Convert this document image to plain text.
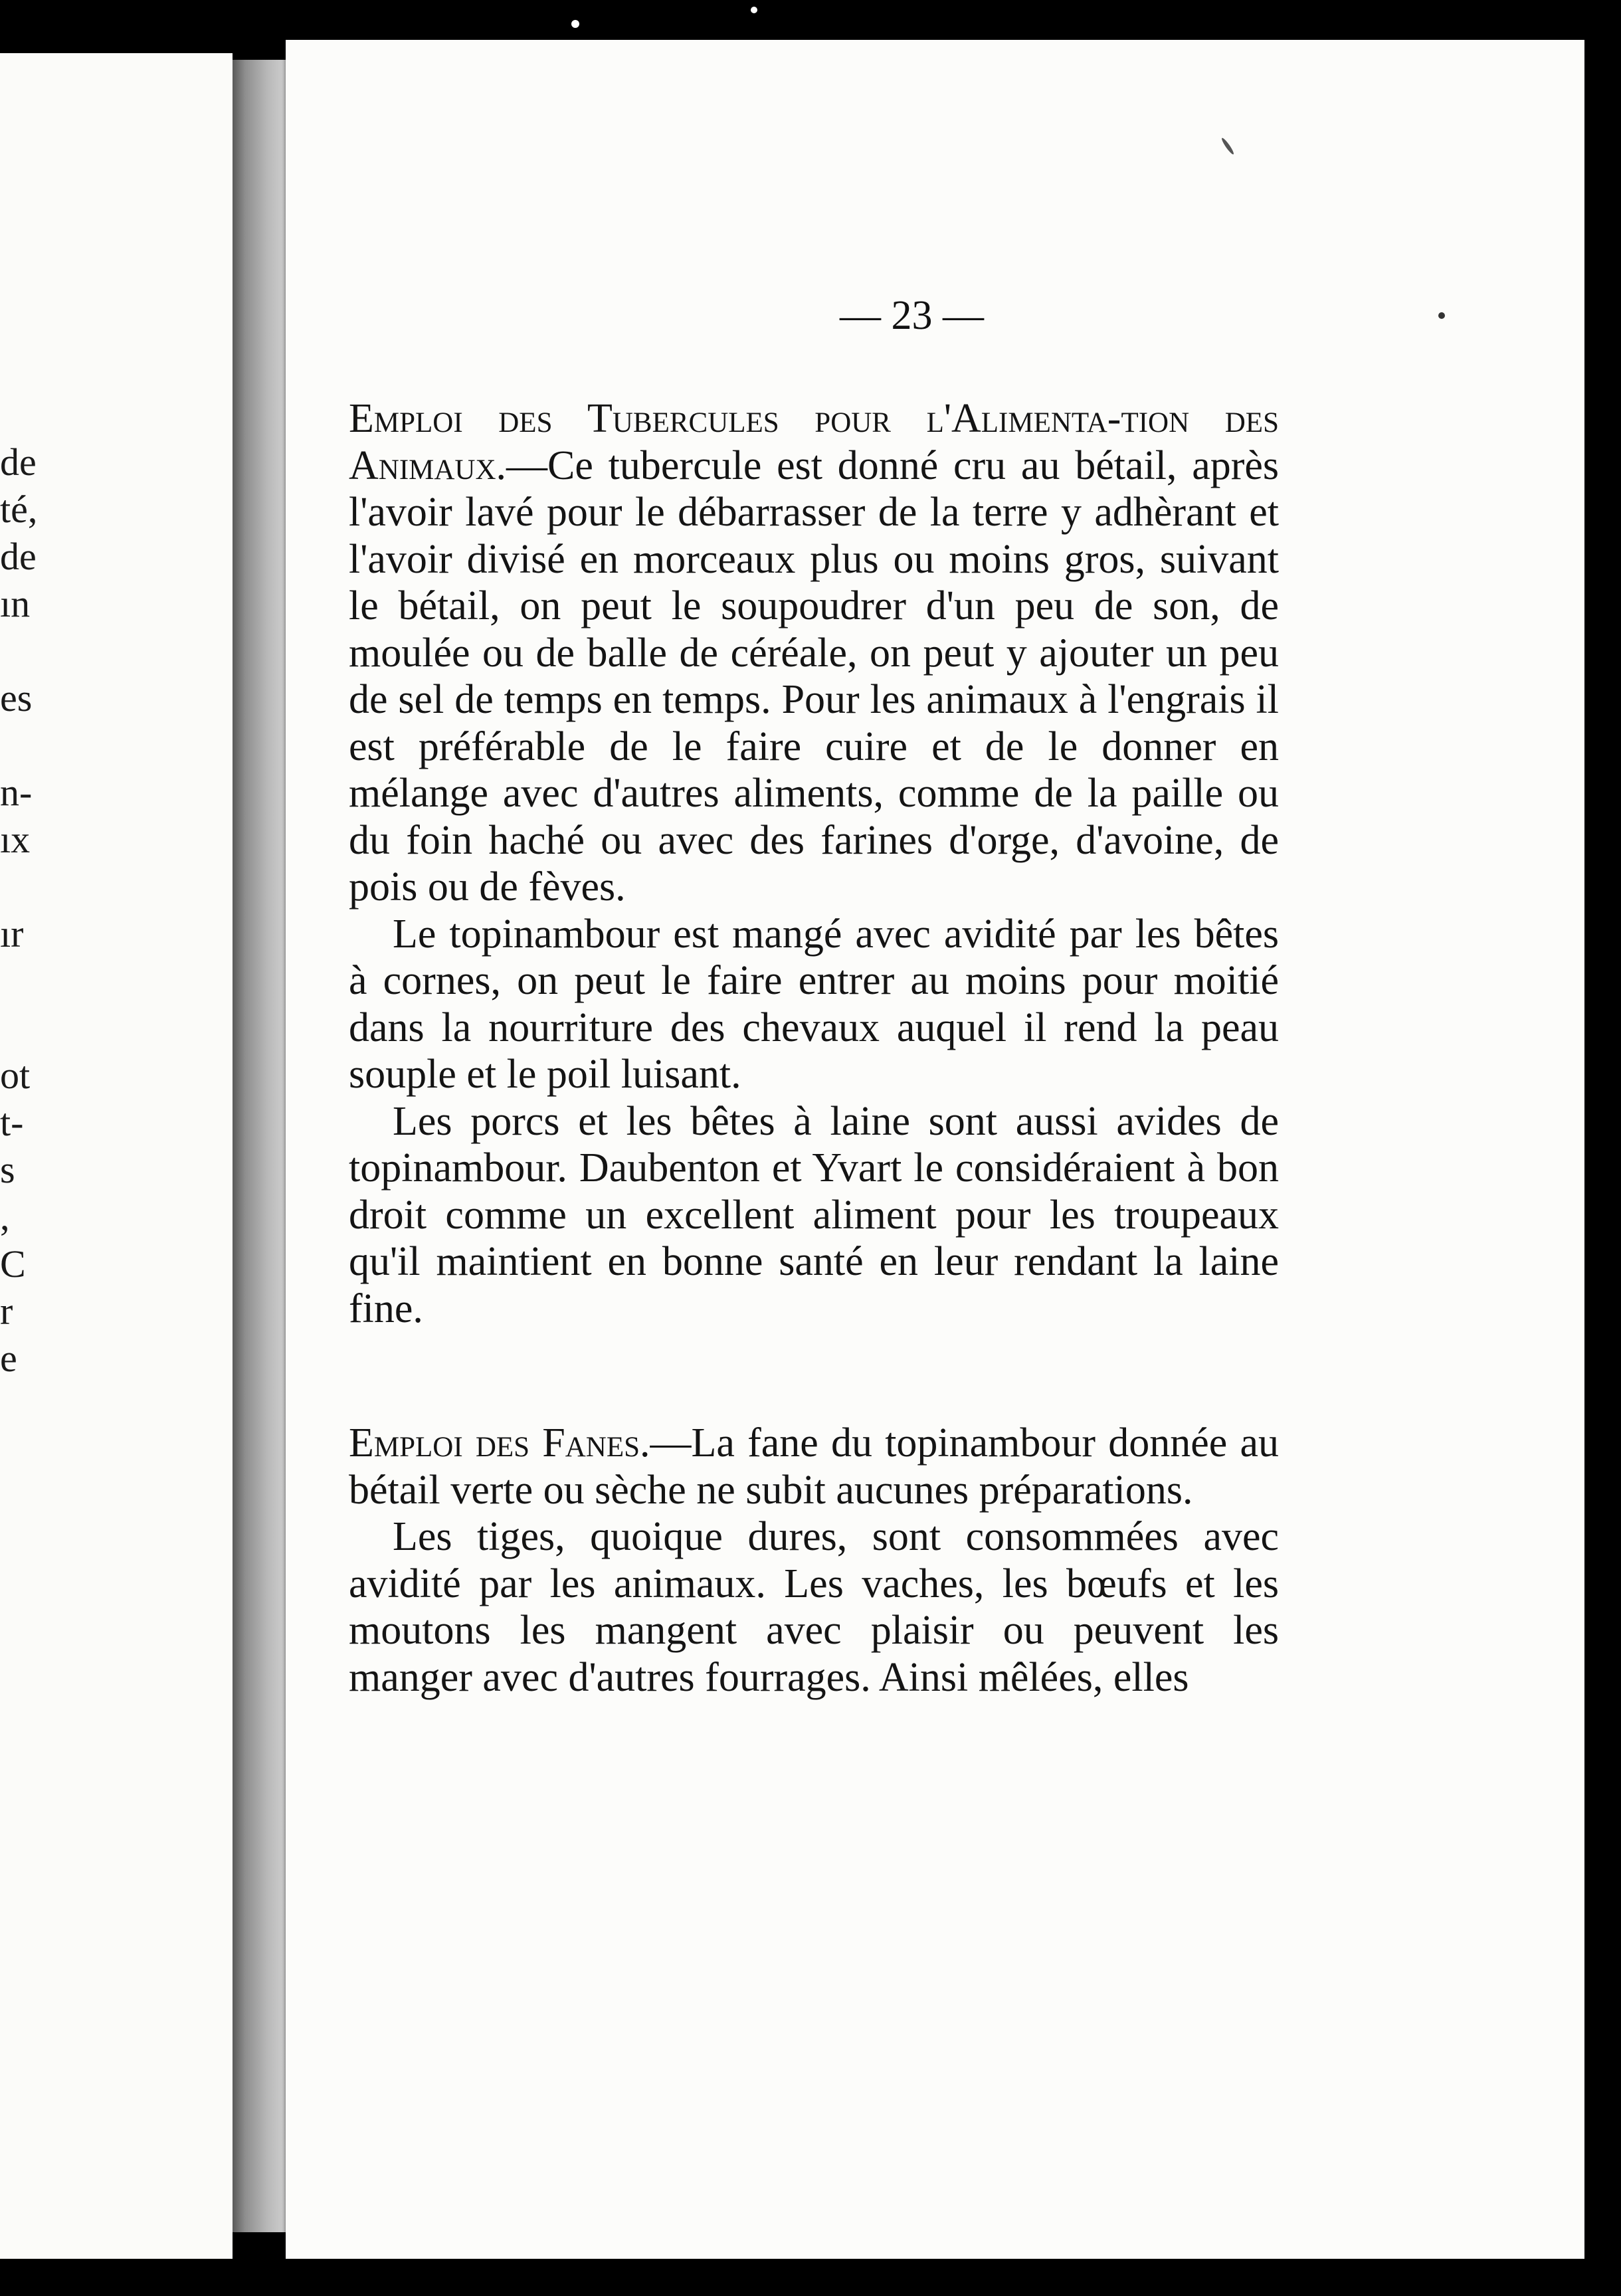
de
té,
de
ın
es
n-
ıx
ır
ot
t-
s
,
C
r
e
— 23 —

Emploi des Tubercules pour l'Alimenta-tion des Animaux.—Ce tubercule est donné cru au bétail, après l'avoir lavé pour le débarrasser de la terre y adhèrant et l'avoir divisé en morceaux plus ou moins gros, suivant le bétail, on peut le soupoudrer d'un peu de son, de moulée ou de balle de céréale, on peut y ajouter un peu de sel de temps en temps. Pour les animaux à l'engrais il est préférable de le faire cuire et de le donner en mélange avec d'autres aliments, comme de la paille ou du foin haché ou avec des farines d'orge, d'avoine, de pois ou de fèves.

Le topinambour est mangé avec avidité par les bêtes à cornes, on peut le faire entrer au moins pour moitié dans la nourriture des chevaux auquel il rend la peau souple et le poil luisant.

Les porcs et les bêtes à laine sont aussi avides de topinambour. Daubenton et Yvart le considéraient à bon droit comme un excellent aliment pour les troupeaux qu'il maintient en bonne santé en leur rendant la laine fine.

Emploi des Fanes.—La fane du topinambour donnée au bétail verte ou sèche ne subit aucunes préparations.

Les tiges, quoique dures, sont consommées avec avidité par les animaux. Les vaches, les bœufs et les moutons les mangent avec plaisir ou peuvent les manger avec d'autres fourrages. Ainsi mêlées, elles
